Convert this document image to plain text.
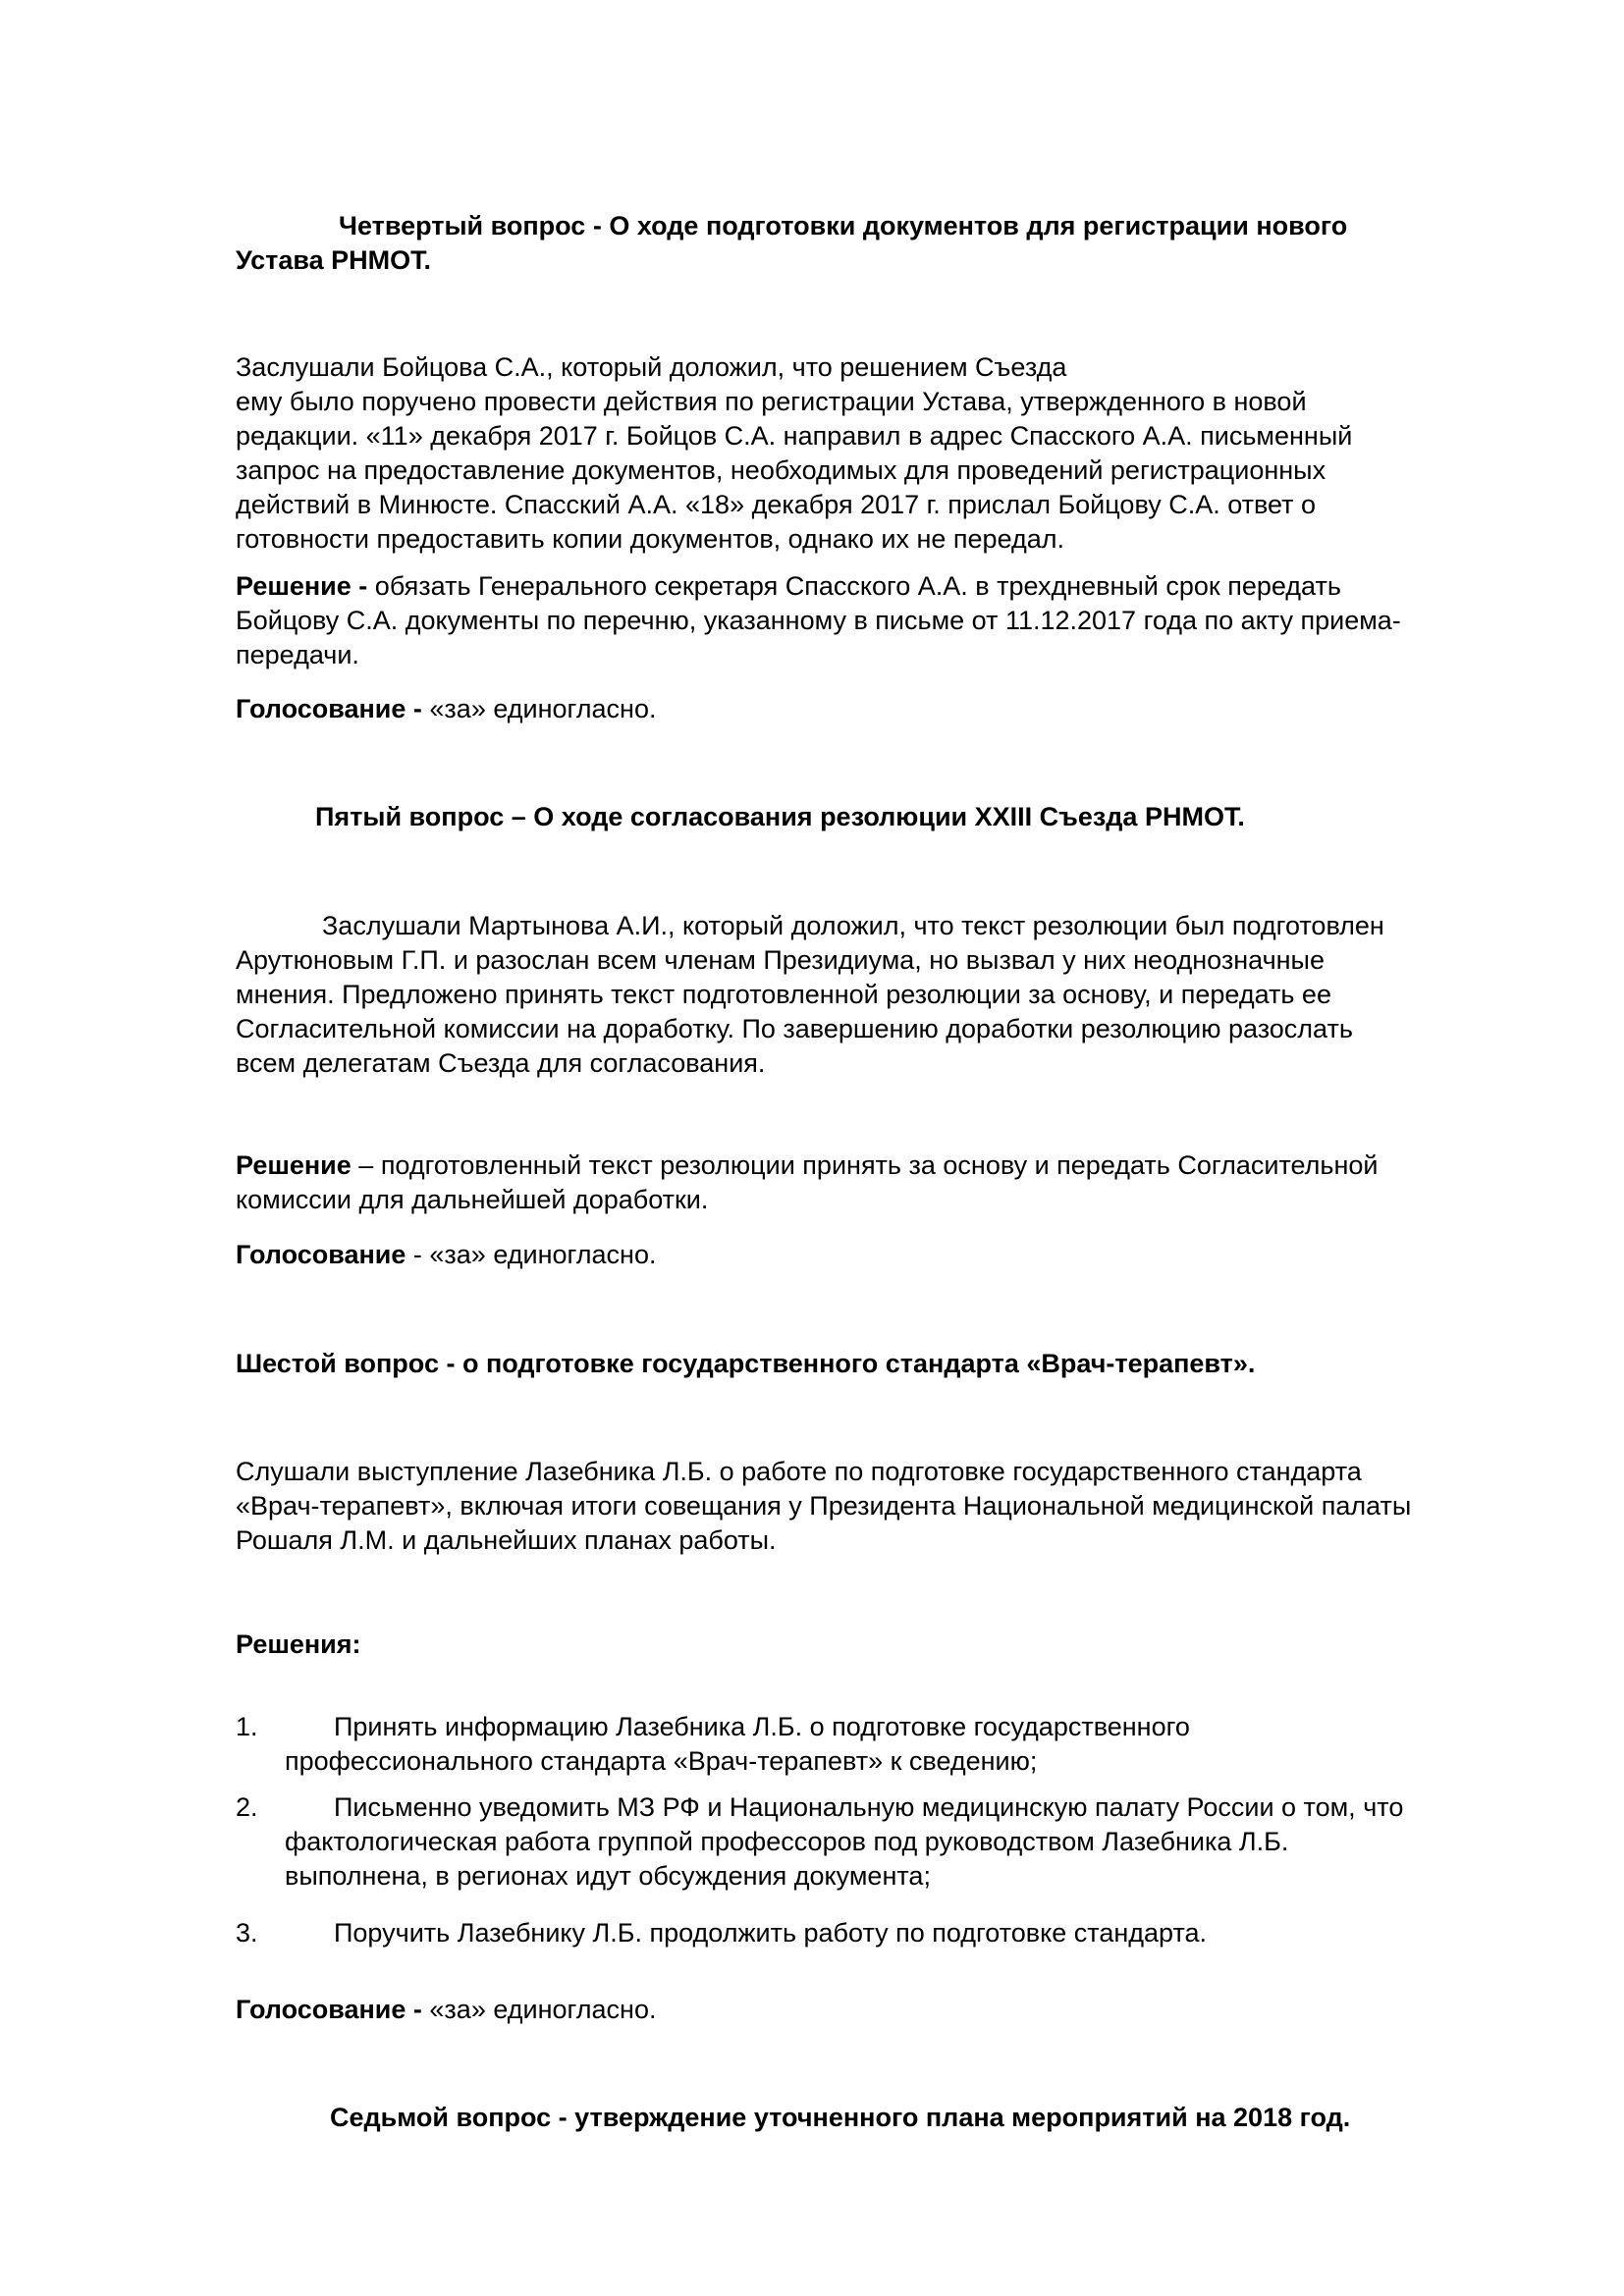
Четвертый вопрос - О ходе подготовки документов для регистрации нового
Устава РНМОТ.
Заслушали Бойцова С.А., который доложил, что решением Съезда
ему было поручено провести действия по регистрации Устава, утвержденного в новой
редакции. «11» декабря 2017 г. Бойцов С.А. направил в адрес Спасского А.А. письменный
запрос на предоставление документов, необходимых для проведений регистрационных
действий в Минюсте. Спасский А.А. «18» декабря 2017 г. прислал Бойцову С.А. ответ о
готовности предоставить копии документов, однако их не передал.
Решение - обязать Генерального секретаря Спасского А.А. в трехдневный срок передать
Бойцову С.А. документы по перечню, указанному в письме от 11.12.2017 года по акту приема-
передачи.
Голосование - «за» единогласно.
Пятый вопрос – О ходе согласования резолюции XXIII Съезда РНМОТ.
Заслушали Мартынова А.И., который доложил, что текст резолюции был подготовлен
Арутюновым Г.П. и разослан всем членам Президиума, но вызвал у них неоднозначные
мнения. Предложено принять текст подготовленной резолюции за основу, и передать ее
Согласительной комиссии на доработку. По завершению доработки резолюцию разослать
всем делегатам Съезда для согласования.
Решение – подготовленный текст резолюции принять за основу и передать Согласительной
комиссии для дальнейшей доработки.
Голосование - «за» единогласно.
Шестой вопрос - о подготовке государственного стандарта «Врач-терапевт».
Слушали выступление Лазебника Л.Б. о работе по подготовке государственного стандарта
«Врач-терапевт», включая итоги совещания у Президента Национальной медицинской палаты
Рошаля Л.М. и дальнейших планах работы.
Решения:
1.	Принять информацию Лазебника Л.Б. о подготовке государственного
профессионального стандарта «Врач-терапевт» к сведению;
2.	Письменно уведомить МЗ РФ и Национальную медицинскую палату России о том, что
фактологическая работа группой профессоров под руководством Лазебника Л.Б.
выполнена, в регионах идут обсуждения документа;
3.	Поручить Лазебнику Л.Б. продолжить работу по подготовке стандарта.
Голосование - «за» единогласно.
Седьмой вопрос - утверждение уточненного плана мероприятий на 2018 год.
